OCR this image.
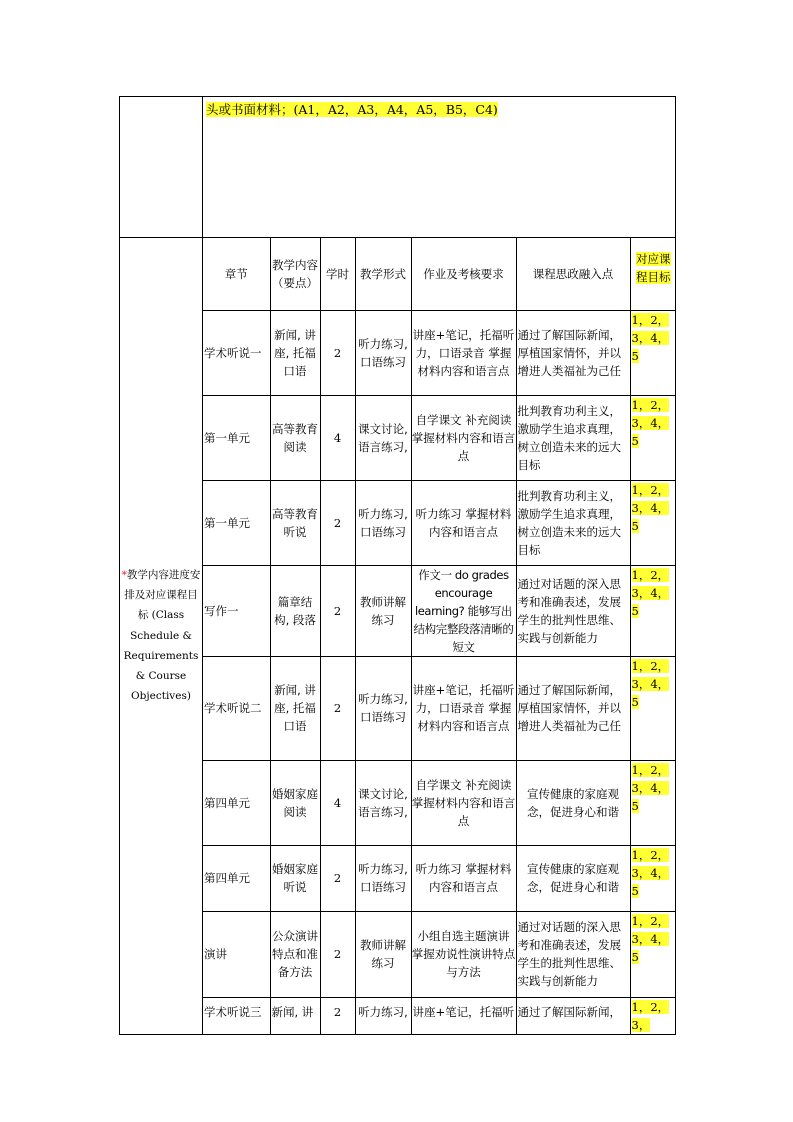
	头或书面材料；(A1，A2，A3，A4，A5，B5，C4)
*教学内容进度安排及对应课程目标 (Class Schedule & Requirements & Course Objectives)	
章节	教学内容（要点）	学时	教学形式	作业及考核要求	课程思政融入点	对应课程目标
学术听说一	新闻, 讲座, 托福口语	2	听力练习, 口语练习	讲座+笔记，托福听力，口语录音 掌握材料内容和语言点	通过了解国际新闻，厚植国家情怀，并以增进人类福祉为己任	1，2，3，4，5
第一单元	高等教育 阅读	4	课文讨论, 语言练习,	自学课文 补充阅读 掌握材料内容和语言点	批判教育功利主义，激励学生追求真理，树立创造未来的远大目标	1，2，3，4，5
第一单元	高等教育 听说	2	听力练习, 口语练习	听力练习 掌握材料内容和语言点	批判教育功利主义，激励学生追求真理，树立创造未来的远大目标	1，2，3，4，5
写作一	篇章结构, 段落	2	教师讲解练习	作文一 do grades encourage learning? 能够写出结构完整段落清晰的短文	通过对话题的深入思考和准确表述，发展学生的批判性思维、实践与创新能力	1，2，3，4，5
学术听说二	新闻, 讲座, 托福口语	2	听力练习, 口语练习	讲座+笔记，托福听力，口语录音 掌握材料内容和语言点	通过了解国际新闻，厚植国家情怀，并以增进人类福祉为己任	1，2，3，4，5
第四单元	婚姻家庭 阅读	4	课文讨论, 语言练习,	自学课文 补充阅读 掌握材料内容和语言点	宣传健康的家庭观念，促进身心和谐	1，2，3，4，5
第四单元	婚姻家庭 听说	2	听力练习, 口语练习	听力练习 掌握材料内容和语言点	宣传健康的家庭观念，促进身心和谐	1，2，3，4，5
演讲	公众演讲特点和准备方法	2	教师讲解练习	小组自选主题演讲 掌握劝说性演讲特点与方法	通过对话题的深入思考和准确表述，发展学生的批判性思维、实践与创新能力	1，2，3，4，5
学术听说三	新闻, 讲	2	听力练习,	讲座+笔记，托福听	通过了解国际新闻，	1，2，3，
